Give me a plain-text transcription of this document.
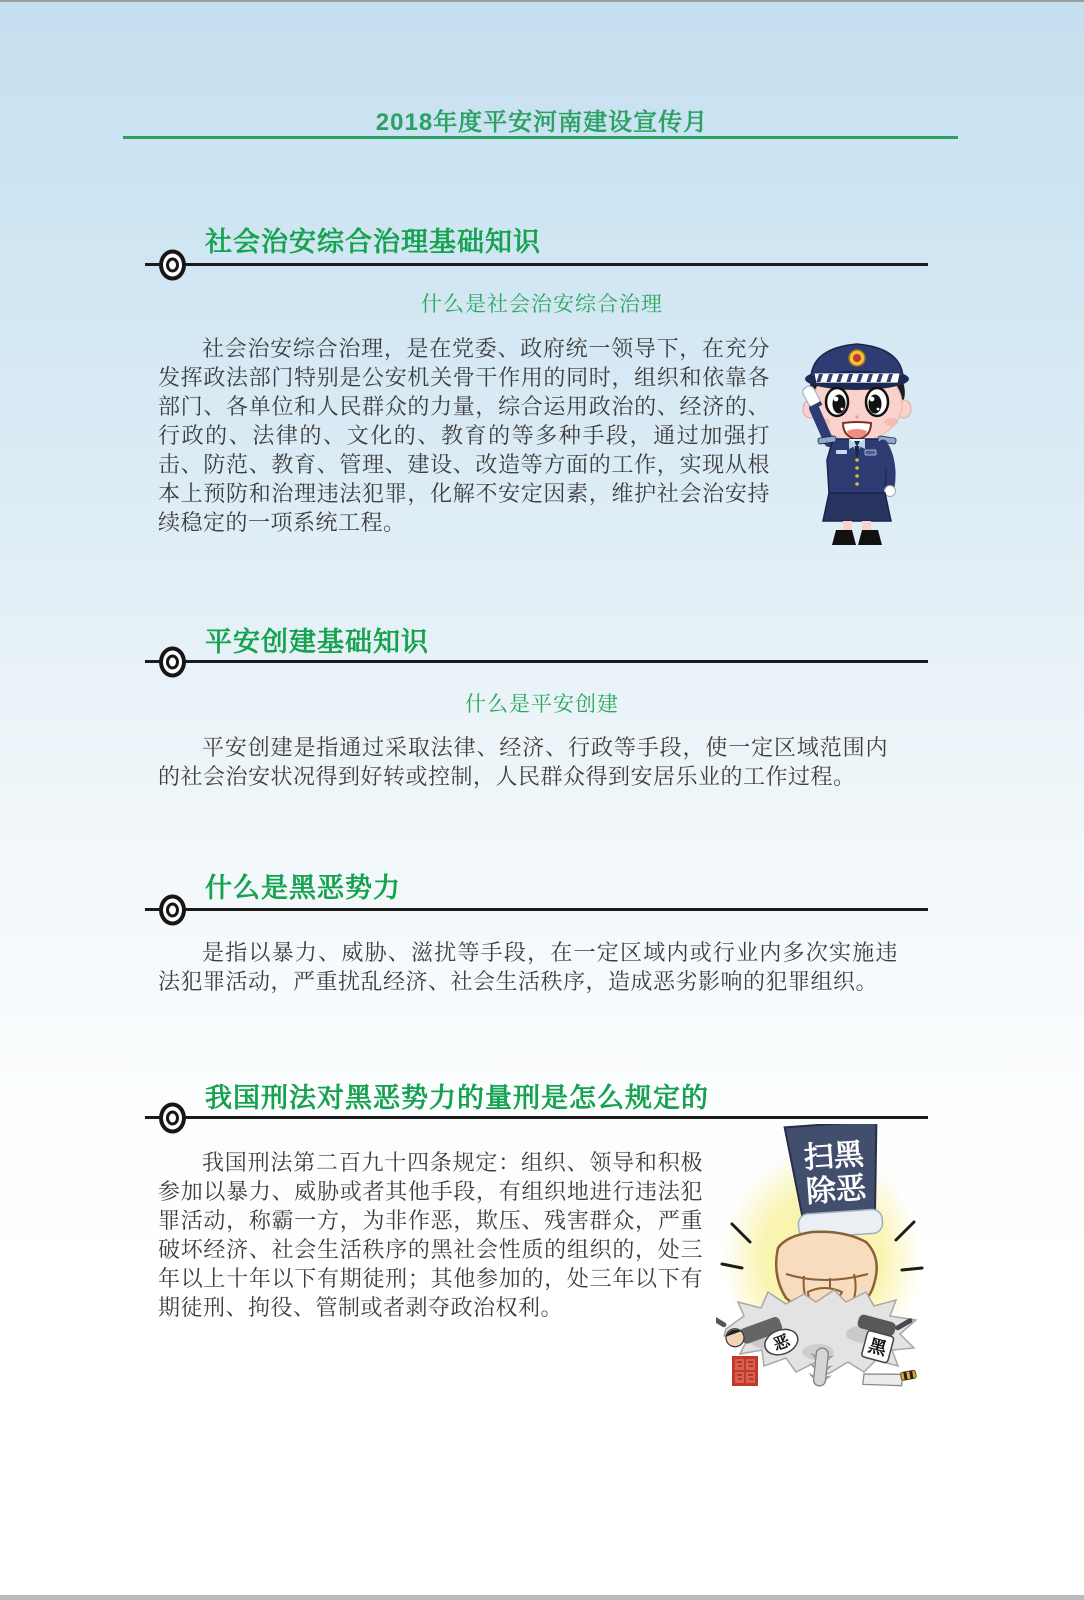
2018年度平安河南建设宣传月
社会治安综合治理基础知识
什么是社会治安综合治理

社会治安综合治理，是在党委、政府统一领导下，在充分发挥政法部门特别是公安机关骨干作用的同时，组织和依靠各部门、各单位和人民群众的力量，综合运用政治的、经济的、行政的、法律的、文化的、教育的等多种手段，通过加强打击、防范、教育、管理、建设、改造等方面的工作，实现从根本上预防和治理违法犯罪，化解不安定因素，维护社会治安持续稳定的一项系统工程。

平安创建基础知识
什么是平安创建

平安创建是指通过采取法律、经济、行政等手段，使一定区域范围内的社会治安状况得到好转或控制，人民群众得到安居乐业的工作过程。

什么是黑恶势力

是指以暴力、威胁、滋扰等手段，在一定区域内或行业内多次实施违法犯罪活动，严重扰乱经济、社会生活秩序，造成恶劣影响的犯罪组织。

我国刑法对黑恶势力的量刑是怎么规定的

我国刑法第二百九十四条规定：组织、领导和积极参加以暴力、威胁或者其他手段，有组织地进行违法犯罪活动，称霸一方，为非作恶，欺压、残害群众，严重破坏经济、社会生活秩序的黑社会性质的组织的，处三年以上十年以下有期徒刑；其他参加的，处三年以下有期徒刑、拘役、管制或者剥夺政治权利。

扫黑
除恶
恶	黑
